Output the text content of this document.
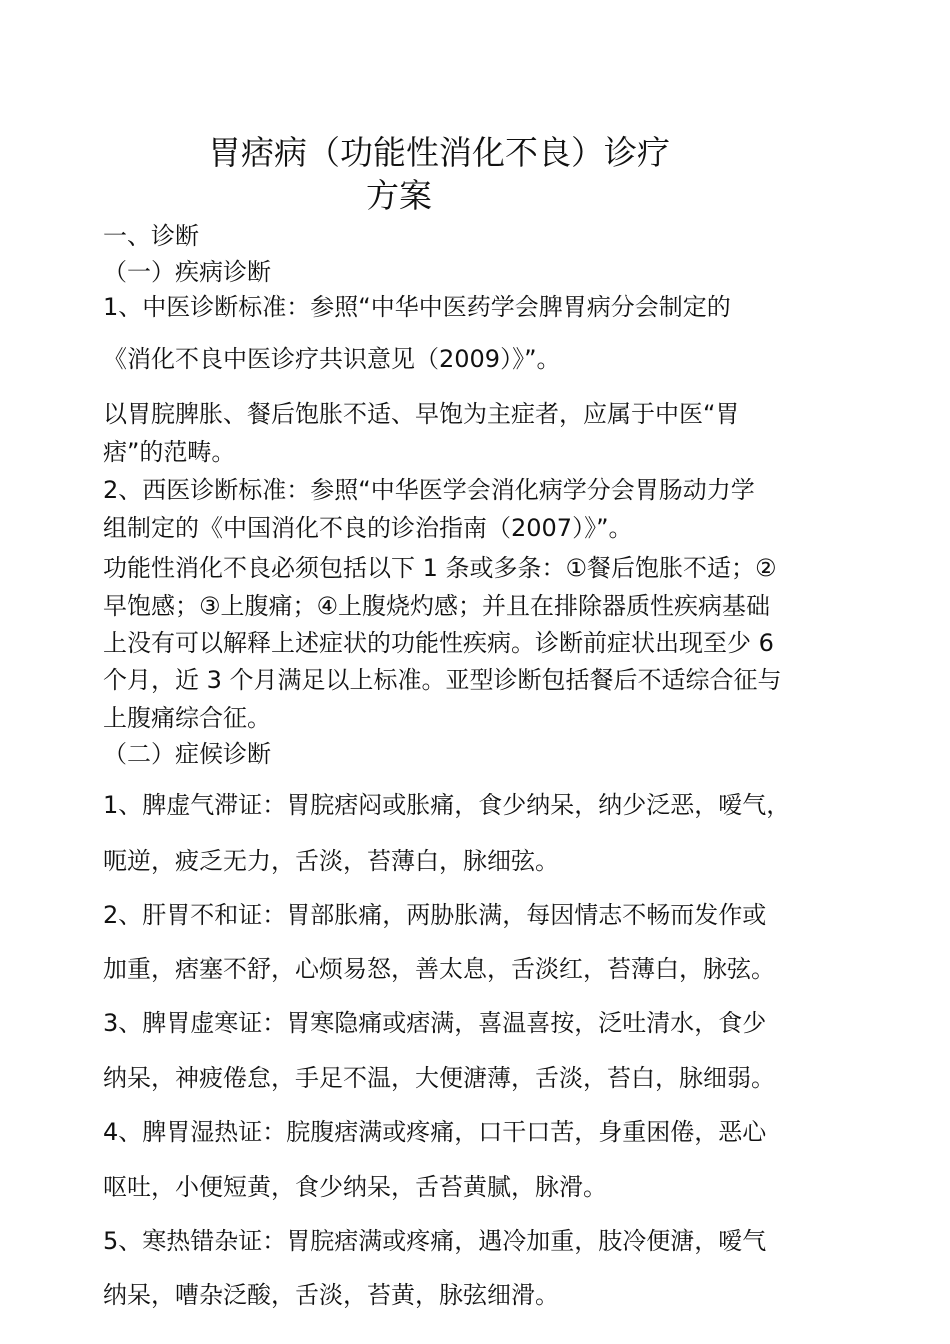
胃痞病（功能性消化不良）诊疗
方案

一、诊断

（一）疾病诊断

1、中医诊断标准：参照“中华中医药学会脾胃病分会制定的

《消化不良中医诊疗共识意见（2009）》”。

以胃脘脾胀、餐后饱胀不适、早饱为主症者，应属于中医“胃

痞”的范畴。

2、西医诊断标准：参照“中华医学会消化病学分会胃肠动力学

组制定的《中国消化不良的诊治指南（2007）》”。

功能性消化不良必须包括以下 1 条或多条：①餐后饱胀不适；②

早饱感；③上腹痛；④上腹烧灼感；并且在排除器质性疾病基础

上没有可以解释上述症状的功能性疾病。诊断前症状出现至少 6

个月，近 3 个月满足以上标准。亚型诊断包括餐后不适综合征与

上腹痛综合征。

（二）症候诊断

1、脾虚气滞证：胃脘痞闷或胀痛，食少纳呆，纳少泛恶，嗳气，

呃逆，疲乏无力，舌淡，苔薄白，脉细弦。

2、肝胃不和证：胃部胀痛，两胁胀满，每因情志不畅而发作或

加重，痞塞不舒，心烦易怒，善太息，舌淡红，苔薄白，脉弦。

3、脾胃虚寒证：胃寒隐痛或痞满，喜温喜按，泛吐清水，食少

纳呆，神疲倦怠，手足不温，大便溏薄，舌淡，苔白，脉细弱。

4、脾胃湿热证：脘腹痞满或疼痛，口干口苦，身重困倦，恶心

呕吐，小便短黄，食少纳呆，舌苔黄腻，脉滑。

5、寒热错杂证：胃脘痞满或疼痛，遇冷加重，肢冷便溏，嗳气

纳呆，嘈杂泛酸，舌淡，苔黄，脉弦细滑。
